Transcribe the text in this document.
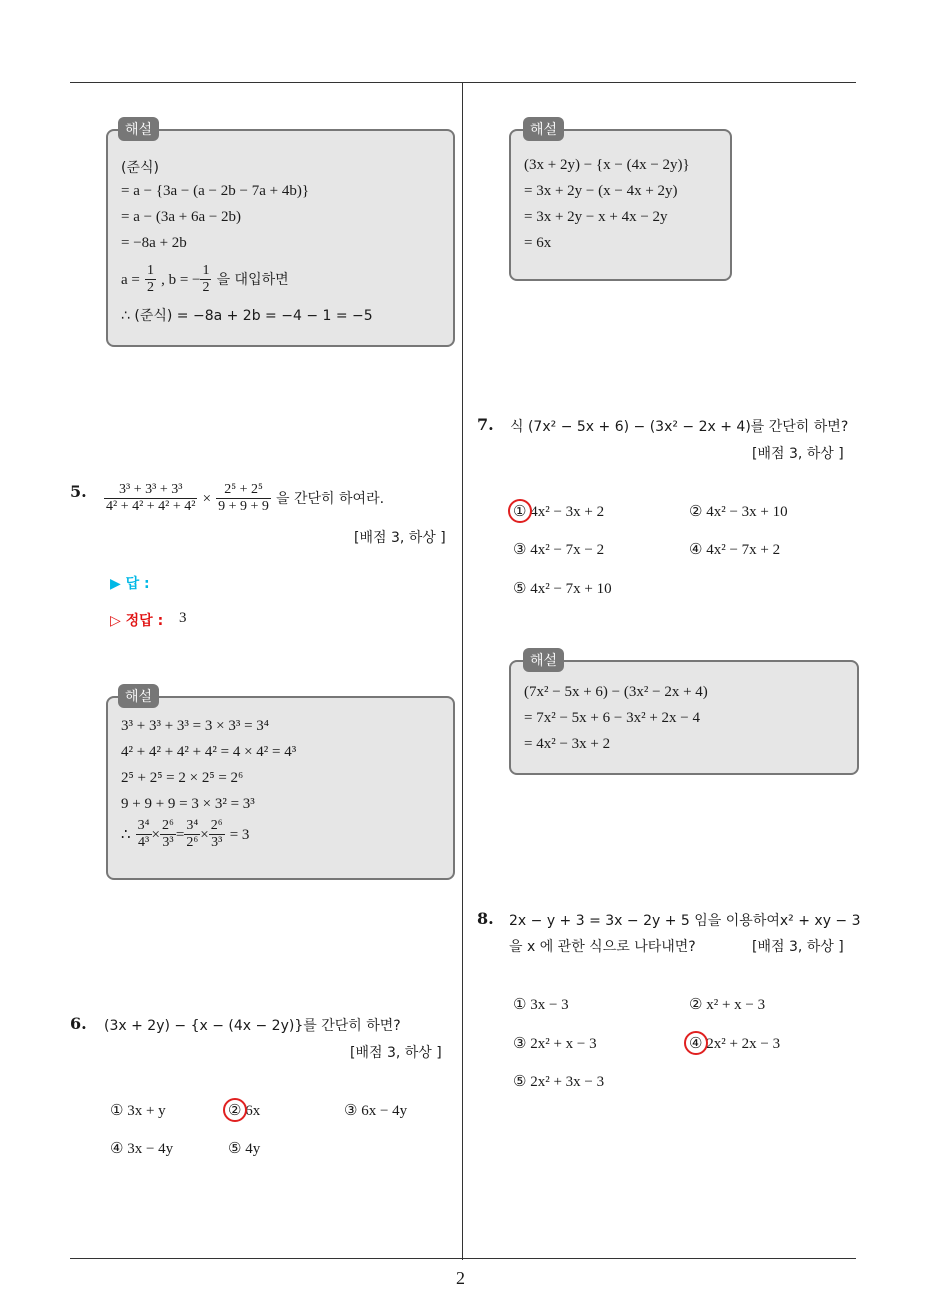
2
(준식)
= a − {3a − (a − 2b − 7a + 4b)}
= a − (3a + 6a − 2b)
= −8a + 2b
$a = \frac{1}{2}$ , b = − $\frac{1}{2}$ 을 대입하면
∴ (준식) = −8a + 2b = −4 − 1 = −5
해설
5. $\frac{\text{3³ + 3³ + 3³}}{\text{4² + 4² + 4² + 4²}} \times \frac{\text{2⁵ + 2⁵}}{9 + 9 + 9}$ 을 간단히 하여라.
[배점 3, 하상 ]
▶ 답 :
▷ 정답 : 3
3³ + 3³ + 3³ = 3 × 3³ = 3⁴
4² + 4² + 4² + 4² = 4 × 4² = 4³
2⁵ + 2⁵ = 2 × 2⁵ = 2⁶
9 + 9 + 9 = 3 × 3² = 3³
∴ $\frac{\text{3⁴}}{\text{4³}} \times \frac{\text{2⁶}}{\text{3³}} = \frac{\text{3⁴}}{\text{2⁶}} \times \frac{\text{2⁶}}{\text{3³}} = 3$
해설
6. (3x + 2y) − {x − (4x − 2y)}를 간단히 하면?
[배점 3, 하상 ]
① 3x + y	② 6x	③ 6x − 4y
④ 3x − 4y	⑤ 4y
(3x + 2y) − {x − (4x − 2y)}
= 3x + 2y − (x − 4x + 2y)
= 3x + 2y − x + 4x − 2y
= 6x
해설
7. 식 (7x² − 5x + 6) − (3x² − 2x + 4)를 간단히 하면?
[배점 3, 하상 ]
① 4x² − 3x + 2	② 4x² − 3x + 10
③ 4x² − 7x − 2	④ 4x² − 7x + 2
⑤ 4x² − 7x + 10
(7x² − 5x + 6) − (3x² − 2x + 4)
= 7x² − 5x + 6 − 3x² + 2x − 4
= 4x² − 3x + 2
해설
8. 2x − y + 3 = 3x − 2y + 5 임을 이용하여x² + xy − 3
을 x 에 관한 식으로 나타내면?	[배점 3, 하상 ]
① 3x − 3	② x² + x − 3
③ 2x² + x − 3	④ 2x² + 2x − 3
⑤ 2x² + 3x − 3
